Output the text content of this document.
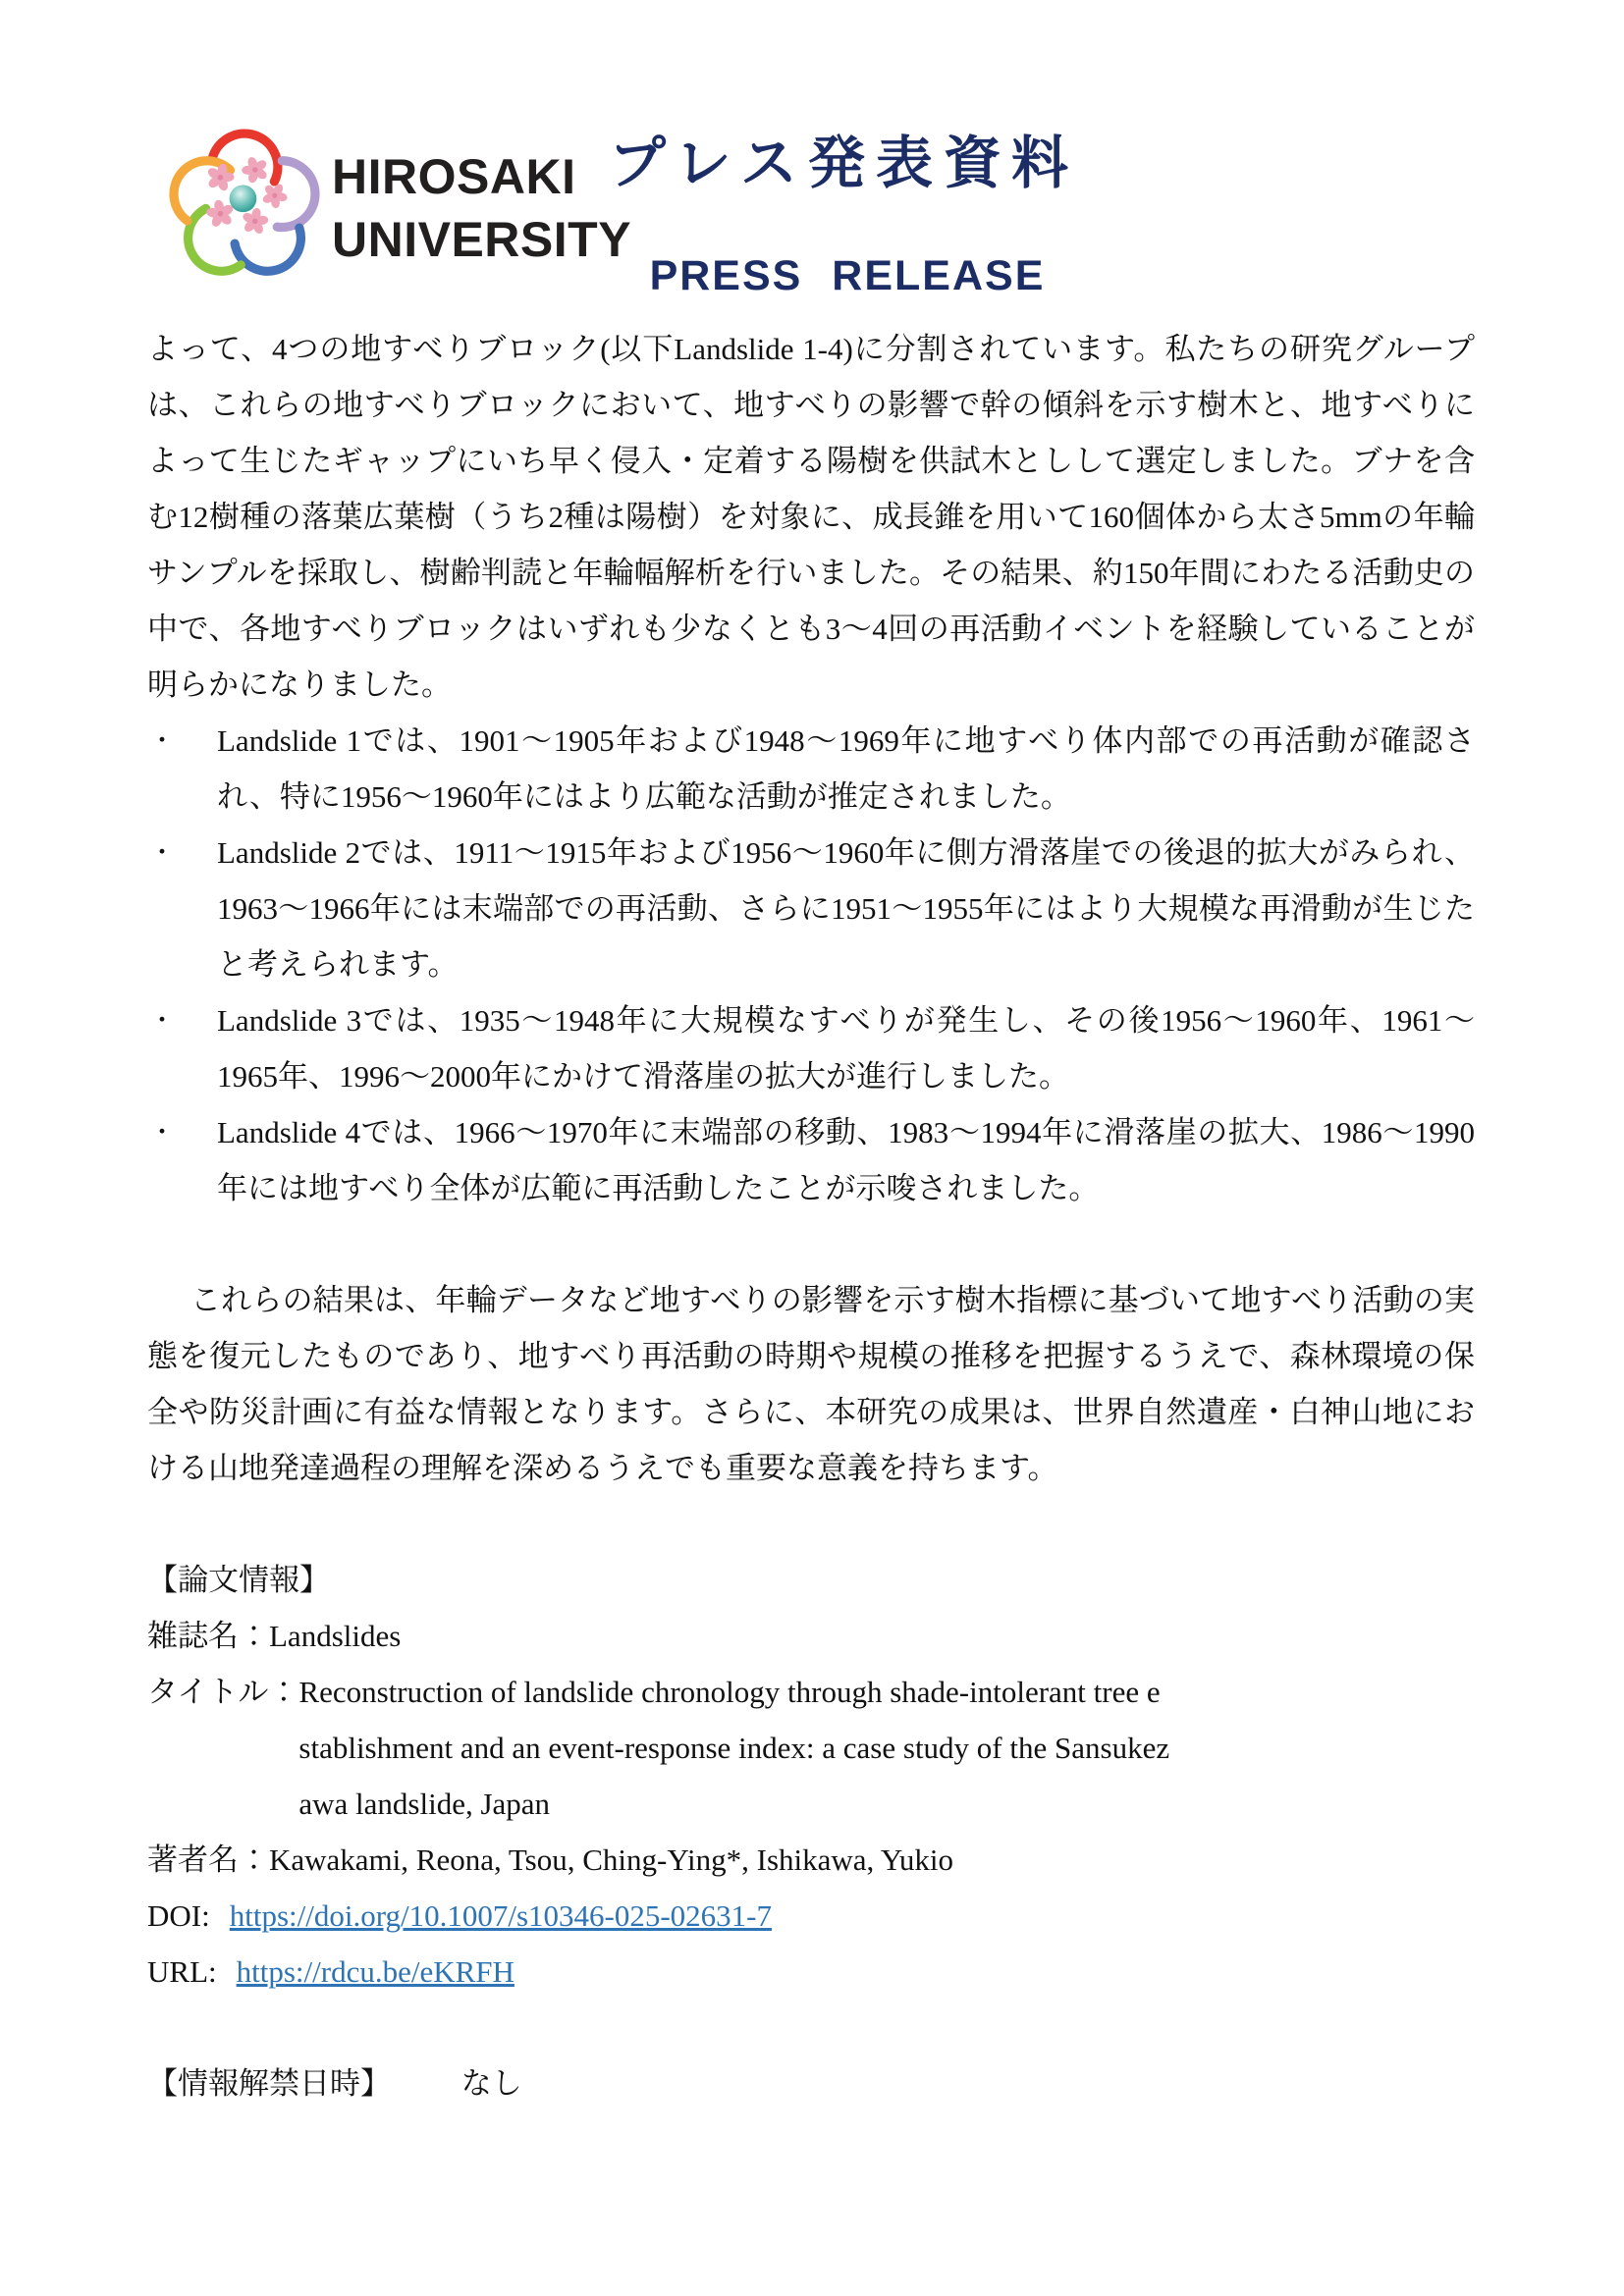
HIROSAKI
UNIVERSITY
プレス発表資料
PRESS RELEASE

よって、4つの地すべりブロック(以下Landslide 1-4)に分割されています。私たちの研究グループは、これらの地すべりブロックにおいて、地すべりの影響で幹の傾斜を示す樹木と、地すべりによって生じたギャップにいち早く侵入・定着する陽樹を供試木としして選定しました。ブナを含む12樹種の落葉広葉樹（うち2種は陽樹）を対象に、成長錐を用いて160個体から太さ5mmの年輪サンプルを採取し、樹齢判読と年輪幅解析を行いました。その結果、約150年間にわたる活動史の中で、各地すべりブロックはいずれも少なくとも3～4回の再活動イベントを経験していることが明らかになりました。

・ Landslide 1では、1901～1905年および1948～1969年に地すべり体内部での再活動が確認され、特に1956～1960年にはより広範な活動が推定されました。
・ Landslide 2では、1911～1915年および1956～1960年に側方滑落崖での後退的拡大がみられ、1963～1966年には末端部での再活動、さらに1951～1955年にはより大規模な再滑動が生じたと考えられます。
・ Landslide 3では、1935～1948年に大規模なすべりが発生し、その後1956～1960年、1961～1965年、1996～2000年にかけて滑落崖の拡大が進行しました。
・ Landslide 4では、1966～1970年に末端部の移動、1983～1994年に滑落崖の拡大、1986～1990年には地すべり全体が広範に再活動したことが示唆されました。

これらの結果は、年輪データなど地すべりの影響を示す樹木指標に基づいて地すべり活動の実態を復元したものであり、地すべり再活動の時期や規模の推移を把握するうえで、森林環境の保全や防災計画に有益な情報となります。さらに、本研究の成果は、世界自然遺産・白神山地における山地発達過程の理解を深めるうえでも重要な意義を持ちます。

【論文情報】
雑誌名： Landslides
タイトル： Reconstruction of landslide chronology through shade-intolerant tree e
stablishment and an event-response index: a case study of the Sansukez
awa landslide, Japan
著者名： Kawakami, Reona, Tsou, Ching-Ying*, Ishikawa, Yukio
DOI: https://doi.org/10.1007/s10346-025-02631-7
URL: https://rdcu.be/eKRFH
【情報解禁日時】 なし
